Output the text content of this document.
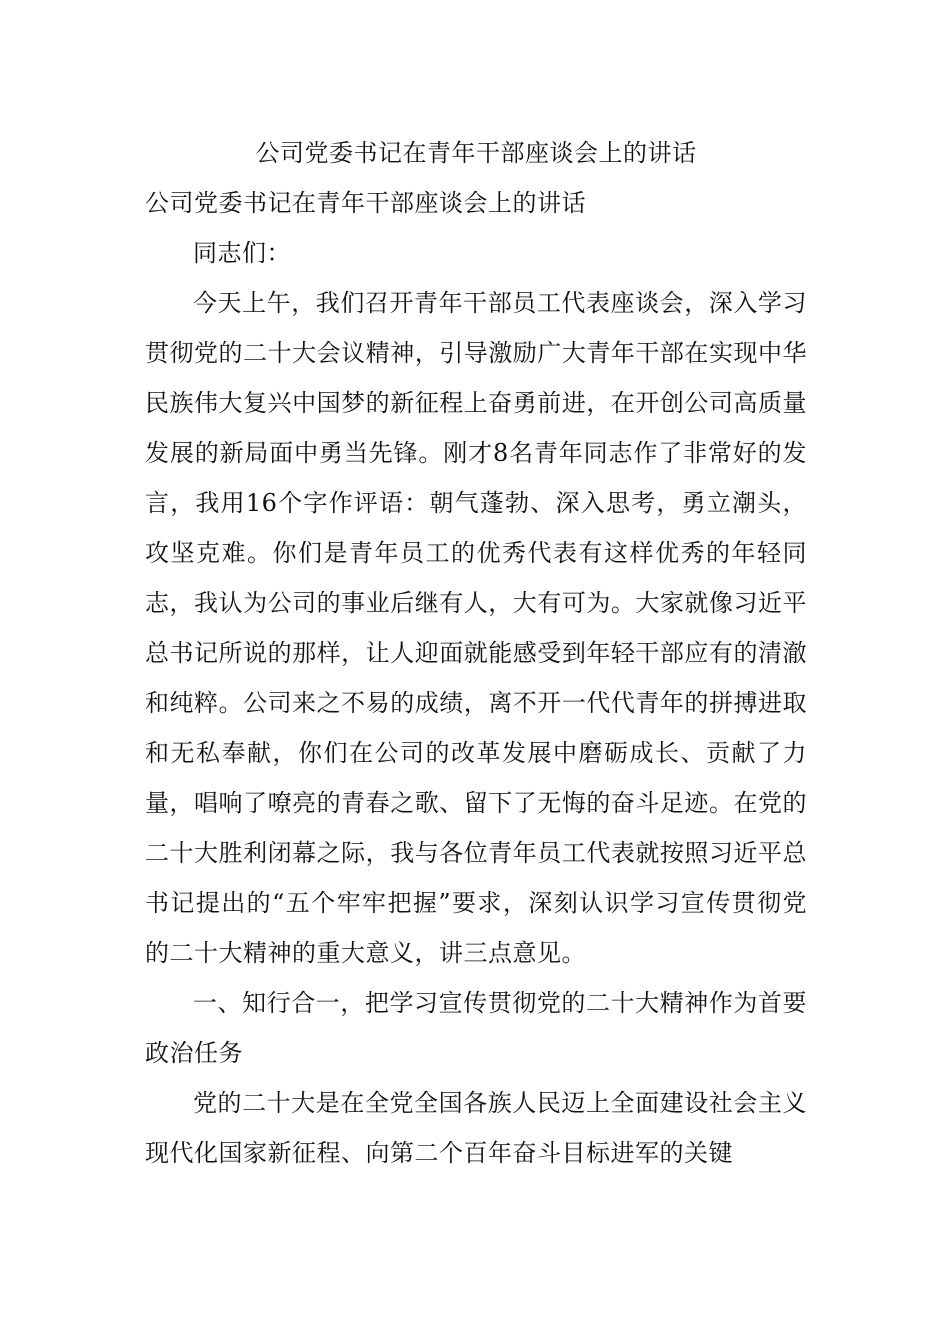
公司党委书记在青年干部座谈会上的讲话

公司党委书记在青年干部座谈会上的讲话

同志们：

今天上午，我们召开青年干部员工代表座谈会，深入学习贯彻党的二十大会议精神，引导激励广大青年干部在实现中华民族伟大复兴中国梦的新征程上奋勇前进，在开创公司高质量发展的新局面中勇当先锋。刚才8名青年同志作了非常好的发言，我用16个字作评语：朝气蓬勃、深入思考，勇立潮头，攻坚克难。你们是青年员工的优秀代表有这样优秀的年轻同志，我认为公司的事业后继有人，大有可为。大家就像习近平总书记所说的那样，让人迎面就能感受到年轻干部应有的清澈和纯粹。公司来之不易的成绩，离不开一代代青年的拼搏进取和无私奉献，你们在公司的改革发展中磨砺成长、贡献了力量，唱响了嘹亮的青春之歌、留下了无悔的奋斗足迹。在党的二十大胜利闭幕之际，我与各位青年员工代表就按照习近平总书记提出的“五个牢牢把握”要求，深刻认识学习宣传贯彻党的二十大精神的重大意义，讲三点意见。

一、知行合一，把学习宣传贯彻党的二十大精神作为首要政治任务

党的二十大是在全党全国各族人民迈上全面建设社会主义现代化国家新征程、向第二个百年奋斗目标进军的关键
